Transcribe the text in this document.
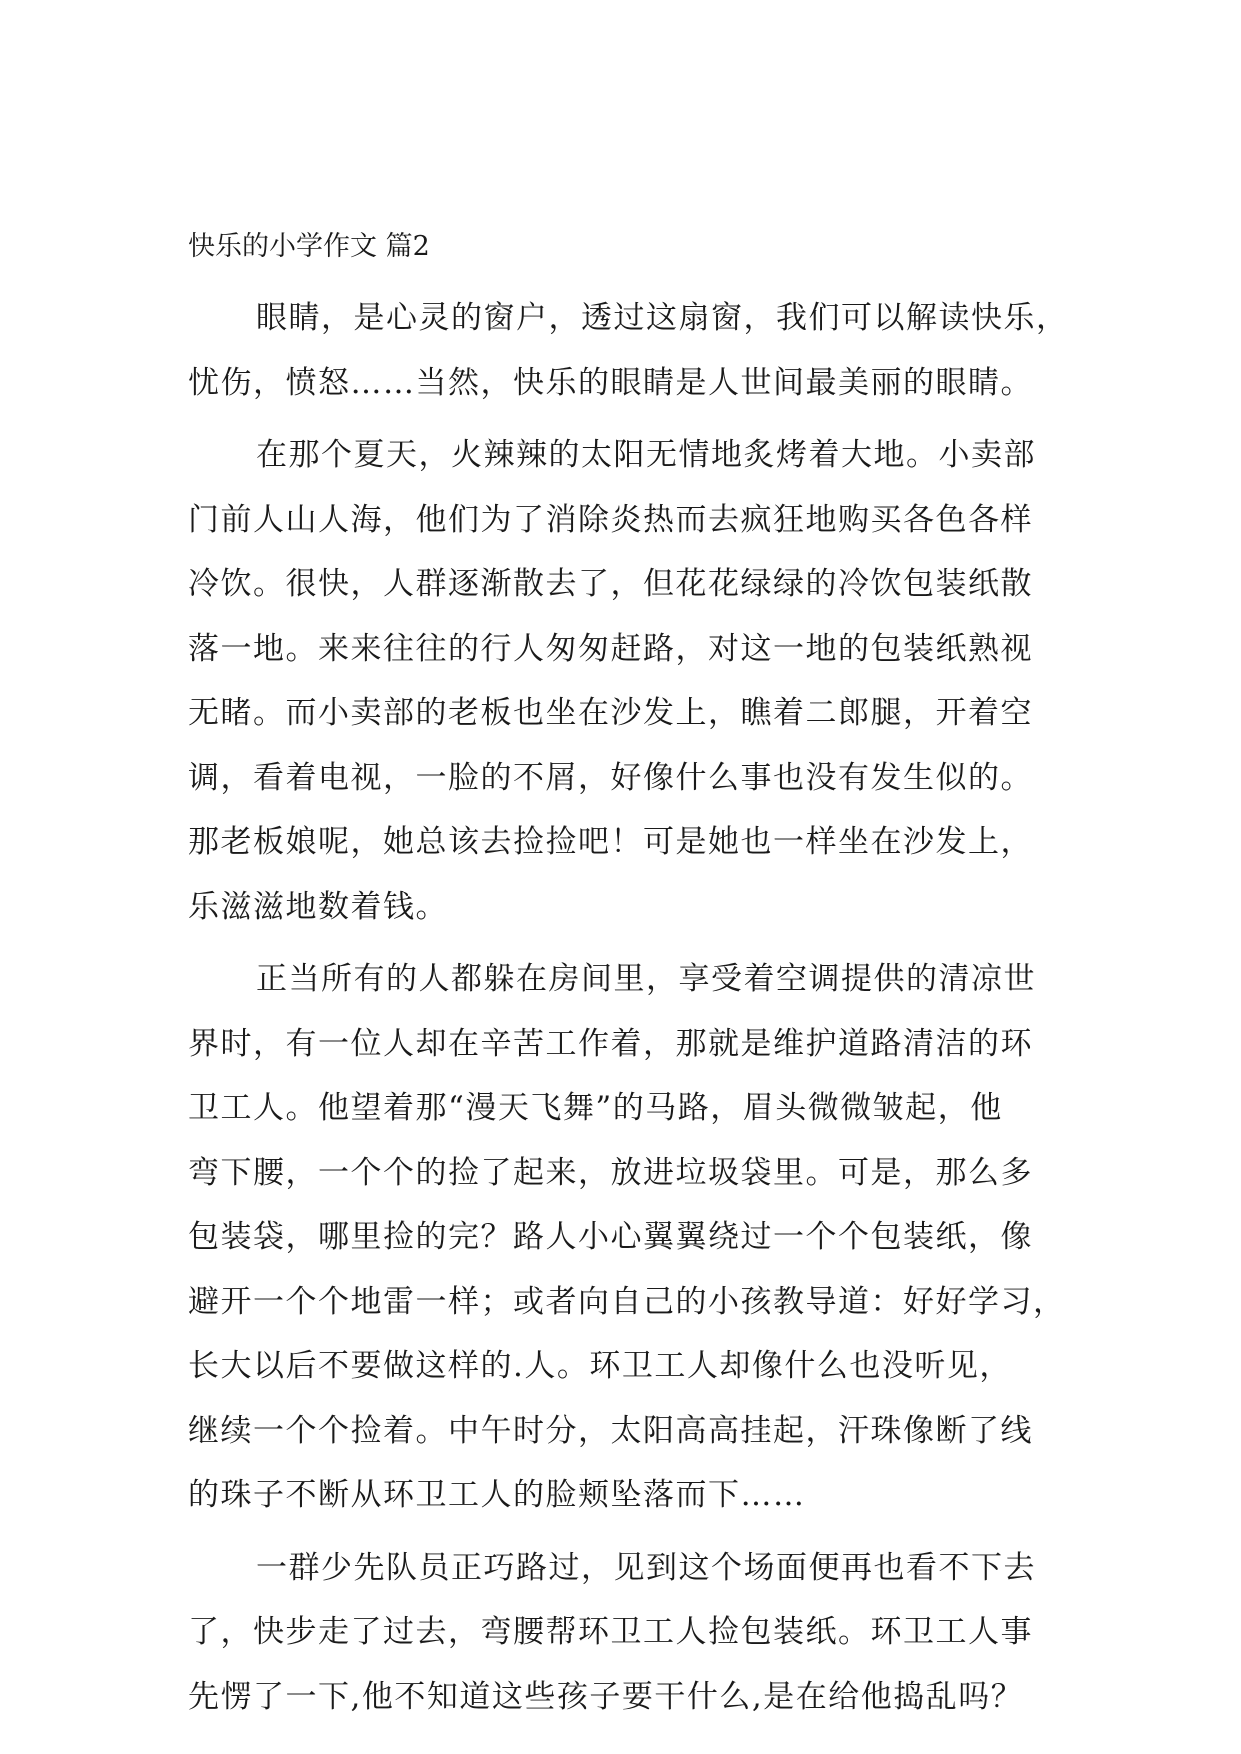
快乐的小学作文 篇2
眼睛，是心灵的窗户，透过这扇窗，我们可以解读快乐，
忧伤，愤怒……当然，快乐的眼睛是人世间最美丽的眼睛。
在那个夏天，火辣辣的太阳无情地炙烤着大地。小卖部
门前人山人海，他们为了消除炎热而去疯狂地购买各色各样
冷饮。很快，人群逐渐散去了，但花花绿绿的冷饮包装纸散
落一地。来来往往的行人匆匆赶路，对这一地的包装纸熟视
无睹。而小卖部的老板也坐在沙发上，瞧着二郎腿，开着空
调，看着电视，一脸的不屑，好像什么事也没有发生似的。
那老板娘呢，她总该去捡捡吧！可是她也一样坐在沙发上，
乐滋滋地数着钱。
正当所有的人都躲在房间里，享受着空调提供的清凉世
界时，有一位人却在辛苦工作着，那就是维护道路清洁的环
卫工人。他望着那“漫天飞舞”的马路，眉头微微皱起，他
弯下腰，一个个的捡了起来，放进垃圾袋里。可是，那么多
包装袋，哪里捡的完？路人小心翼翼绕过一个个包装纸，像
避开一个个地雷一样；或者向自己的小孩教导道：好好学习，
长大以后不要做这样的.人。环卫工人却像什么也没听见，
继续一个个捡着。中午时分，太阳高高挂起，汗珠像断了线
的珠子不断从环卫工人的脸颊坠落而下……
一群少先队员正巧路过，见到这个场面便再也看不下去
了，快步走了过去，弯腰帮环卫工人捡包装纸。环卫工人事
先愣了一下,他不知道这些孩子要干什么,是在给他捣乱吗？
